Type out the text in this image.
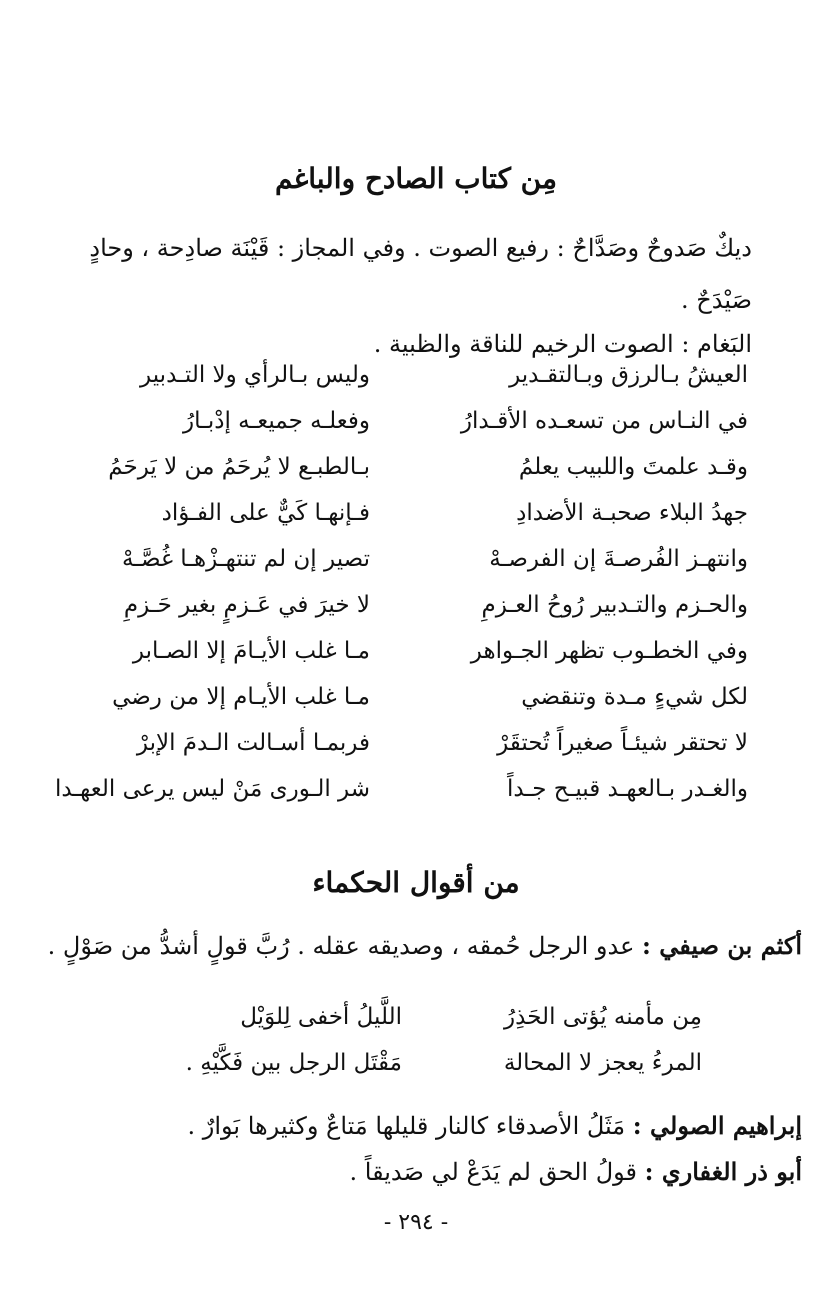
مِن كتاب الصادح والباغم
ديكٌ صَدوحٌ وصَدَّاحٌ : رفيع الصوت . وفي المجاز : قَيْنَة صادِحة ، وحادٍ صَيْدَحٌ .
البَغام : الصوت الرخيم للناقة والظبية .
العيشُ بـالرزق وبـالتقـدير
وليس بـالرأي ولا التـدبير
في النـاس من تسعـده الأقـدارُ
وفعلـه جميعـه إدْبـارُ
وقـد علمتَ واللبيب يعلمُ
بـالطبـع لا يُرحَمُ من لا يَرحَمُ
جهدُ البلاء صحبـة الأضدادِ
فـإنهـا كَيٌّ على الفـؤاد
وانتهـز الفُرصـةَ إن الفرصـهْ
تصير إن لم تنتهـزْهـا غُصَّـهْ
والحـزم والتـدبير رُوحُ العـزمِ
لا خيرَ في عَـزمٍ بغير حَـزمِ
وفي الخطـوب تظهر الجـواهر
مـا غلب الأيـامَ إلا الصـابر
لكل شيءٍ مـدة وتنقضي
مـا غلب الأيـام إلا من رضي
لا تحتقر شيئـاً صغيراً تُحتقَرْ
فربمـا أسـالت الـدمَ الإبرْ
والغـدر بـالعهـد قبيـح جـداً
شر الـورى مَنْ ليس يرعى العهـدا
من أقوال الحكماء
أكثم بن صيفي : عدو الرجل حُمقه ، وصديقه عقله . رُبَّ قولٍ أشدُّ من صَوْلٍ .
مِن مأمنه يُؤتى الحَذِرُ
اللَّيلُ أخفى لِلوَيْل
المرءُ يعجز لا المحالة
مَقْتَل الرجل بين فَكَّيْهِ .
إبراهيم الصولي : مَثَلُ الأصدقاء كالنار قليلها مَتاعٌ وكثيرها بَوارٌ .
أبو ذر الغفاري : قولُ الحق لم يَدَعْ لي صَديقاً .
- ٢٩٤ -
